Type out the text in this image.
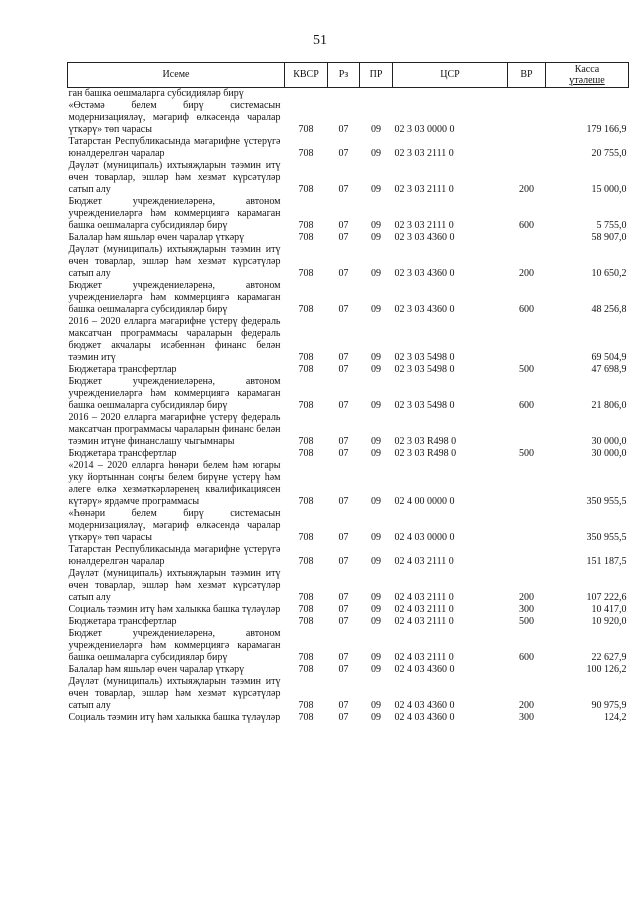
51
Исеме	КВСР	Рз	ПР	ЦСР	ВР	Касса
үтәлеше

ган башка оешмаларга субсидияләр бирү						
«Өстәмә белем бирү системасын модернизацияләү, мәгариф өлкәсендә чаралар үткәрү» төп чарасы	708	07	09	02 3 03 0000 0		179 166,9
Татарстан Республикасында мәгарифне үстерүгә юнәлдерелгән чаралар	708	07	09	02 3 03 2111 0		20 755,0
Дәүләт (муниципаль) ихтыяҗларын тәэмин итү өчен товарлар, эшләр һәм хезмәт күрсәтүләр сатып алу	708	07	09	02 3 03 2111 0	200	15 000,0
Бюджет учреждениеләренә, автоном учреждениеләргә һәм коммерциягә карамаган башка оешмаларга субсидияләр бирү	708	07	09	02 3 03 2111 0	600	5 755,0
Балалар һәм яшьләр өчен чаралар үткәрү	708	07	09	02 3 03 4360 0		58 907,0
Дәүләт (муниципаль) ихтыяҗларын тәэмин итү өчен товарлар, эшләр һәм хезмәт күрсәтүләр сатып алу	708	07	09	02 3 03 4360 0	200	10 650,2
Бюджет учреждениеләренә, автоном учреждениеләргә һәм коммерциягә карамаган башка оешмаларга субсидияләр бирү	708	07	09	02 3 03 4360 0	600	48 256,8
2016 – 2020 елларга мәгарифне үстерү федераль максатчан программасы чараларын федераль бюджет акчалары исәбеннән финанс белән тәэмин итү	708	07	09	02 3 03 5498 0		69 504,9
Бюджетара трансфертлар	708	07	09	02 3 03 5498 0	500	47 698,9
Бюджет учреждениеләренә, автоном учреждениеләргә һәм коммерциягә карамаган башка оешмаларга субсидияләр бирү	708	07	09	02 3 03 5498 0	600	21 806,0
2016 – 2020 елларга мәгарифне үстерү федераль максатчан программасы чараларын финанс белән тәэмин итүне финанслашу чыгымнары	708	07	09	02 3 03 R498 0		30 000,0
Бюджетара трансфертлар	708	07	09	02 3 03 R498 0	500	30 000,0
«2014 – 2020 елларга һөнәри белем һәм югары уку йортыннан соңгы белем бирүне үстерү һәм әлеге өлкә хезмәткәрләренең квалификациясен күтәрү» ярдәмче программасы	708	07	09	02 4 00 0000 0		350 955,5
«Һөнәри белем бирү системасын модернизацияләү, мәгариф өлкәсендә чаралар үткәрү» төп чарасы	708	07	09	02 4 03 0000 0		350 955,5
Татарстан Республикасында мәгарифне үстерүгә юнәлдерелгән чаралар	708	07	09	02 4 03 2111 0		151 187,5
Дәүләт (муниципаль) ихтыяҗларын тәэмин итү өчен товарлар, эшләр һәм хезмәт күрсәтүләр сатып алу	708	07	09	02 4 03 2111 0	200	107 222,6
Социаль тәэмин итү һәм халыкка башка түләүләр	708	07	09	02 4 03 2111 0	300	10 417,0
Бюджетара трансфертлар	708	07	09	02 4 03 2111 0	500	10 920,0
Бюджет учреждениеләренә, автоном учреждениеләргә һәм коммерциягә карамаган башка оешмаларга субсидияләр бирү	708	07	09	02 4 03 2111 0	600	22 627,9
Балалар һәм яшьләр өчен чаралар үткәрү	708	07	09	02 4 03 4360 0		100 126,2
Дәүләт (муниципаль) ихтыяҗларын тәэмин итү өчен товарлар, эшләр һәм хезмәт күрсәтүләр сатып алу	708	07	09	02 4 03 4360 0	200	90 975,9
Социаль тәэмин итү һәм халыкка башка түләүләр	708	07	09	02 4 03 4360 0	300	124,2
